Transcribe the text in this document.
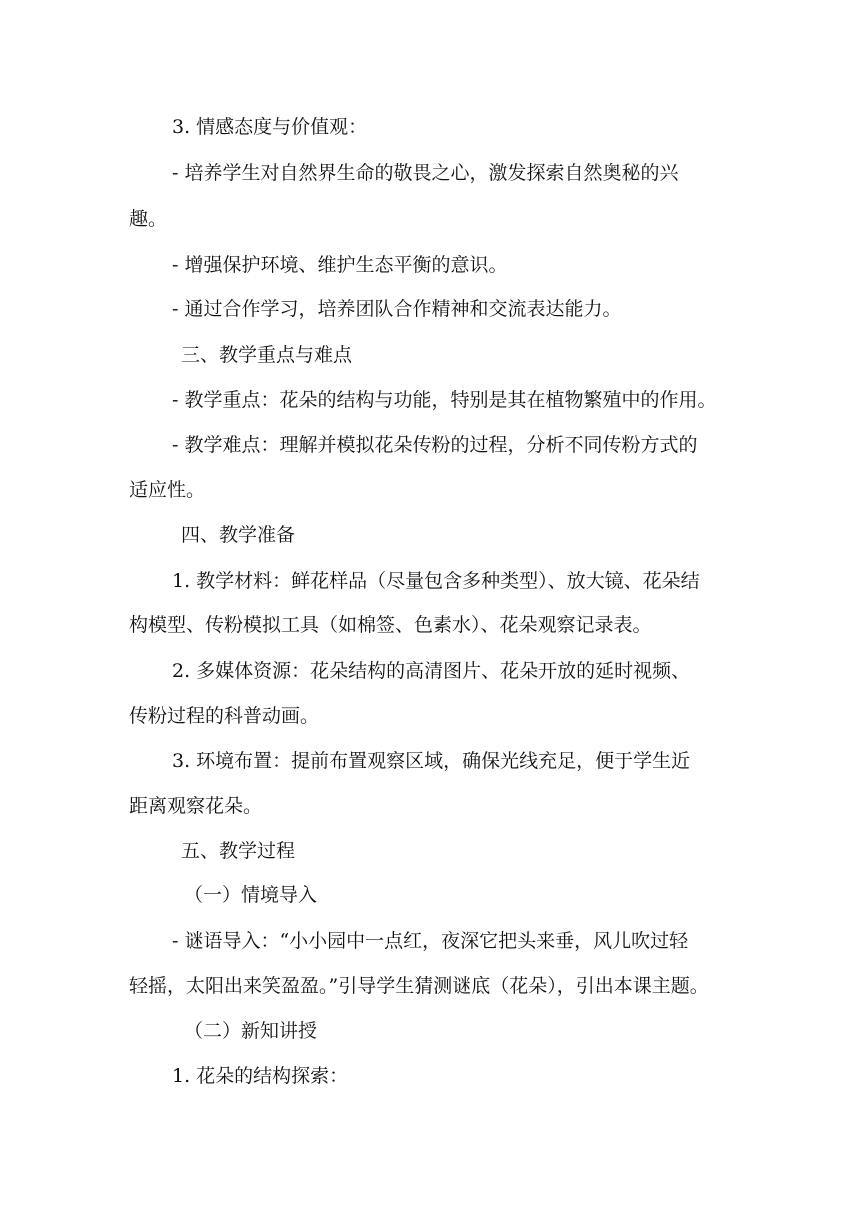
3. 情感态度与价值观：
- 培养学生对自然界生命的敬畏之心，激发探索自然奥秘的兴
趣。
- 增强保护环境、维护生态平衡的意识。
- 通过合作学习，培养团队合作精神和交流表达能力。
三、教学重点与难点
- 教学重点：花朵的结构与功能，特别是其在植物繁殖中的作用。
- 教学难点：理解并模拟花朵传粉的过程，分析不同传粉方式的
适应性。
四、教学准备
1. 教学材料：鲜花样品（尽量包含多种类型）、放大镜、花朵结
构模型、传粉模拟工具（如棉签、色素水）、花朵观察记录表。
2. 多媒体资源：花朵结构的高清图片、花朵开放的延时视频、
传粉过程的科普动画。
3. 环境布置：提前布置观察区域，确保光线充足，便于学生近
距离观察花朵。
五、教学过程
（一）情境导入
- 谜语导入：“小小园中一点红，夜深它把头来垂，风儿吹过轻
轻摇，太阳出来笑盈盈。”引导学生猜测谜底（花朵），引出本课主题。
（二）新知讲授
1. 花朵的结构探索：
